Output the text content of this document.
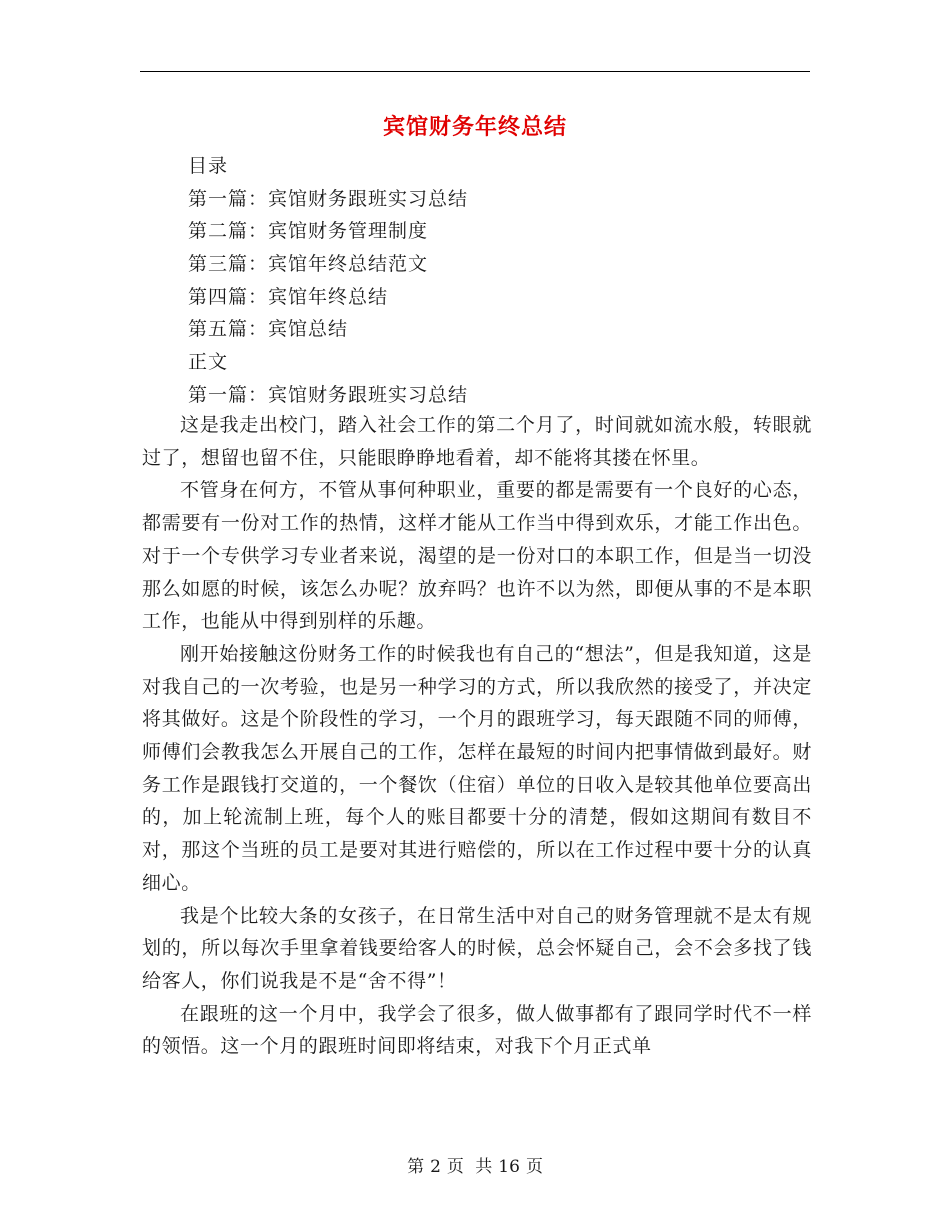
宾馆财务年终总结
目录
第一篇：宾馆财务跟班实习总结
第二篇：宾馆财务管理制度
第三篇：宾馆年终总结范文
第四篇：宾馆年终总结
第五篇：宾馆总结
正文
第一篇：宾馆财务跟班实习总结

这是我走出校门，踏入社会工作的第二个月了，时间就如流水般，转眼就过了，想留也留不住，只能眼睁睁地看着，却不能将其搂在怀里。

不管身在何方，不管从事何种职业，重要的都是需要有一个良好的心态，都需要有一份对工作的热情，这样才能从工作当中得到欢乐，才能工作出色。对于一个专供学习专业者来说，渴望的是一份对口的本职工作，但是当一切没那么如愿的时候，该怎么办呢？放弃吗？也许不以为然，即便从事的不是本职工作，也能从中得到别样的乐趣。

刚开始接触这份财务工作的时候我也有自己的“想法”，但是我知道，这是对我自己的一次考验，也是另一种学习的方式，所以我欣然的接受了，并决定将其做好。这是个阶段性的学习，一个月的跟班学习，每天跟随不同的师傅，师傅们会教我怎么开展自己的工作，怎样在最短的时间内把事情做到最好。财务工作是跟钱打交道的，一个餐饮（住宿）单位的日收入是较其他单位要高出的，加上轮流制上班，每个人的账目都要十分的清楚，假如这期间有数目不对，那这个当班的员工是要对其进行赔偿的，所以在工作过程中要十分的认真细心。

我是个比较大条的女孩子，在日常生活中对自己的财务管理就不是太有规划的，所以每次手里拿着钱要给客人的时候，总会怀疑自己，会不会多找了钱给客人，你们说我是不是“舍不得”！

在跟班的这一个月中，我学会了很多，做人做事都有了跟同学时代不一样的领悟。这一个月的跟班时间即将结束，对我下个月正式单

第 2 页 共 16 页
